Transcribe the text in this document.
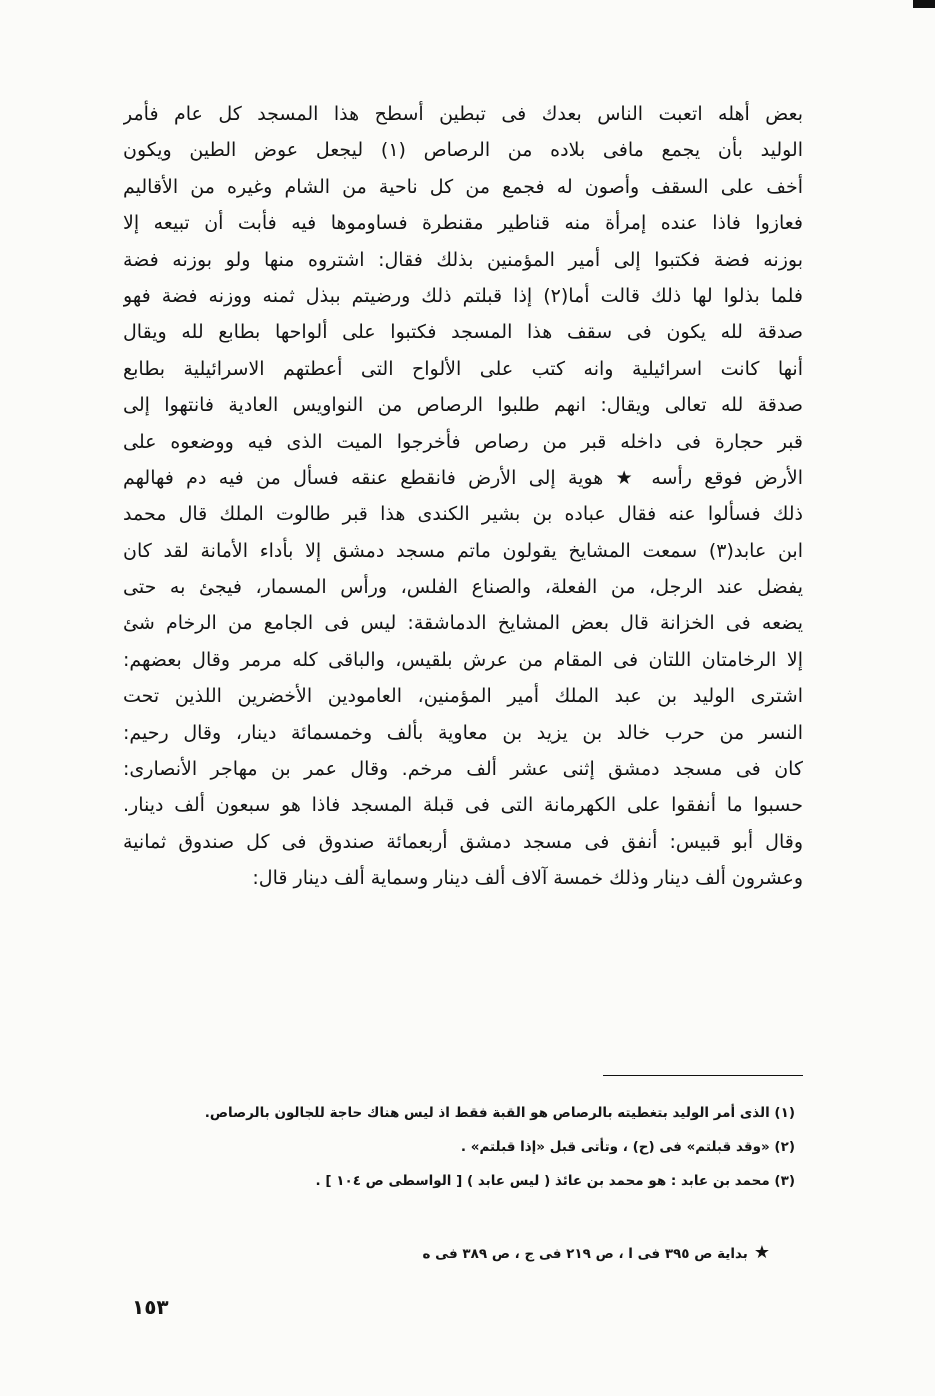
بعض أهله اتعبت الناس بعدك فى تبطين أسطح هذا المسجد كل عام فأمر
الوليد بأن يجمع مافى بلاده من الرصاص (١) ليجعل عوض الطين ويكون
أخف على السقف وأصون له فجمع من كل ناحية من الشام وغيره من الأقاليم
فعازوا فاذا عنده إمرأة منه قناطير مقنطرة فساوموها فيه فأبت أن تبيعه إلا
بوزنه فضة فكتبوا إلى أمير المؤمنين بذلك فقال: اشتروه منها ولو بوزنه فضة
فلما بذلوا لها ذلك قالت أما(٢) إذا قبلتم ذلك ورضيتم ببذل ثمنه ووزنه فضة فهو
صدقة لله يكون فى سقف هذا المسجد فكتبوا على ألواحها بطابع لله ويقال
أنها كانت اسرائيلية وانه كتب على الألواح التى أعطتهم الاسرائيلية بطابع
صدقة لله تعالى ويقال: انهم طلبوا الرصاص من النواويس العادية فانتهوا إلى
قبر حجارة فى داخله قبر من رصاص فأخرجوا الميت الذى فيه ووضعوه على
الأرض فوقع رأسه ★ هوية إلى الأرض فانقطع عنقه فسأل من فيه دم فهالهم
ذلك فسألوا عنه فقال عباده بن بشير الكندى هذا قبر طالوت الملك قال محمد
ابن عابد(٣) سمعت المشايخ يقولون ماتم مسجد دمشق إلا بأداء الأمانة لقد كان
يفضل عند الرجل، من الفعلة، والصناع الفلس، ورأس المسمار، فيجئ به حتى
يضعه فى الخزانة قال بعض المشايخ الدماشقة: ليس فى الجامع من الرخام شئ
إلا الرخامتان اللتان فى المقام من عرش بلقيس، والباقى كله مرمر وقال بعضهم:
اشترى الوليد بن عبد الملك أمير المؤمنين، العامودين الأخضرين اللذين تحت
النسر من حرب خالد بن يزيد بن معاوية بألف وخمسمائة دينار، وقال رحيم:
كان فى مسجد دمشق إثنى عشر ألف مرخم. وقال عمر بن مهاجر الأنصارى:
حسبوا ما أنفقوا على الكهرمانة التى فى قبلة المسجد فاذا هو سبعون ألف دينار.
وقال أبو قبيس: أنفق فى مسجد دمشق أربعمائة صندوق فى كل صندوق ثمانية
وعشرون ألف دينار وذلك خمسة آلاف ألف دينار وسماية ألف دينار قال:
(١) الذى أمر الوليد بتغطيته بالرصاص هو القبة فقط اذ ليس هناك حاجة للجالون بالرصاص.
(٢) «وقد قبلتم» فى (ح) ، وتأتى قبل «إذا قبلتم» .
(٣) محمد بن عابد : هو محمد بن عائذ ( ليس عابد ) [ الواسطى ص ١٠٤ ] .
★بداية ص ٣٩٥ فى ا ، ص ٢١٩ فى ج ، ص ٣٨٩ فى ه
١٥٣
